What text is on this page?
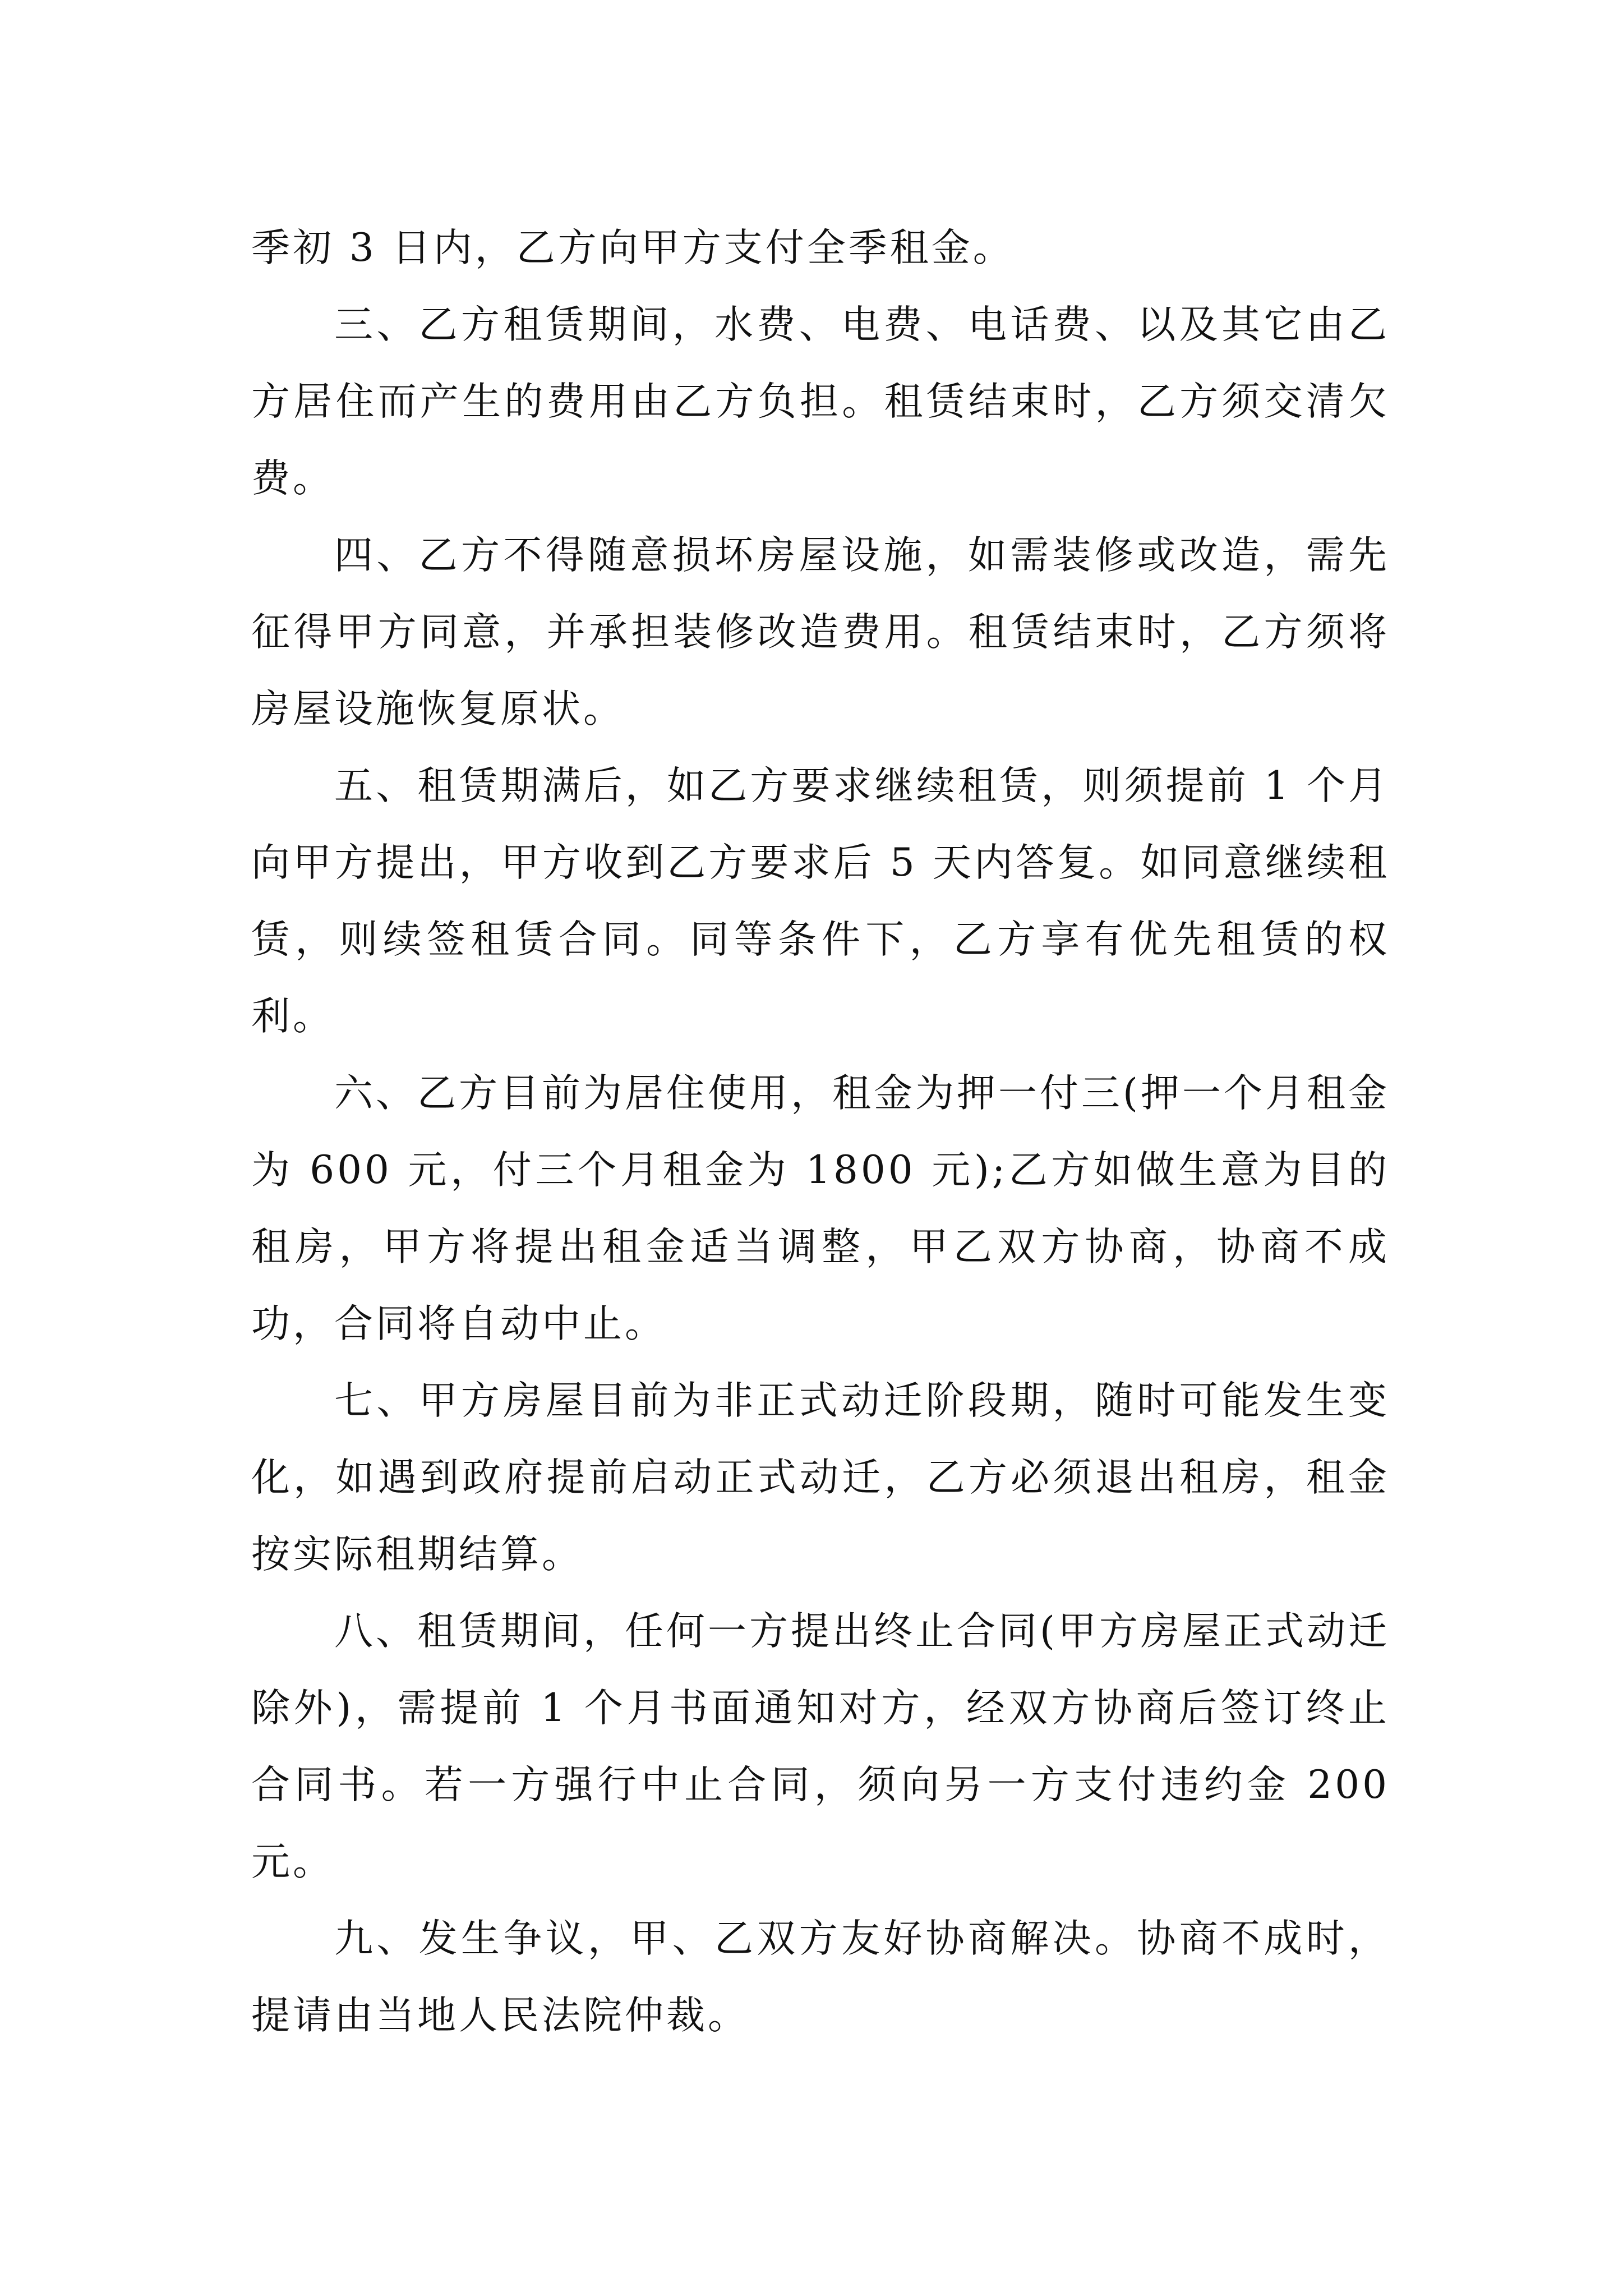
季初 3 日内，乙方向甲方支付全季租金。

三、乙方租赁期间，水费、电费、电话费、以及其它由乙方居住而产生的费用由乙方负担。租赁结束时，乙方须交清欠费。

四、乙方不得随意损坏房屋设施，如需装修或改造，需先征得甲方同意，并承担装修改造费用。租赁结束时，乙方须将房屋设施恢复原状。

五、租赁期满后，如乙方要求继续租赁，则须提前 1 个月向甲方提出，甲方收到乙方要求后 5 天内答复。如同意继续租赁，则续签租赁合同。同等条件下，乙方享有优先租赁的权利。

六、乙方目前为居住使用，租金为押一付三(押一个月租金为 600 元，付三个月租金为 1800 元);乙方如做生意为目的租房，甲方将提出租金适当调整，甲乙双方协商，协商不成功，合同将自动中止。

七、甲方房屋目前为非正式动迁阶段期，随时可能发生变化，如遇到政府提前启动正式动迁，乙方必须退出租房，租金按实际租期结算。

八、租赁期间，任何一方提出终止合同(甲方房屋正式动迁除外)，需提前 1 个月书面通知对方，经双方协商后签订终止合同书。若一方强行中止合同，须向另一方支付违约金 200 元。

九、发生争议，甲、乙双方友好协商解决。协商不成时，提请由当地人民法院仲裁。
